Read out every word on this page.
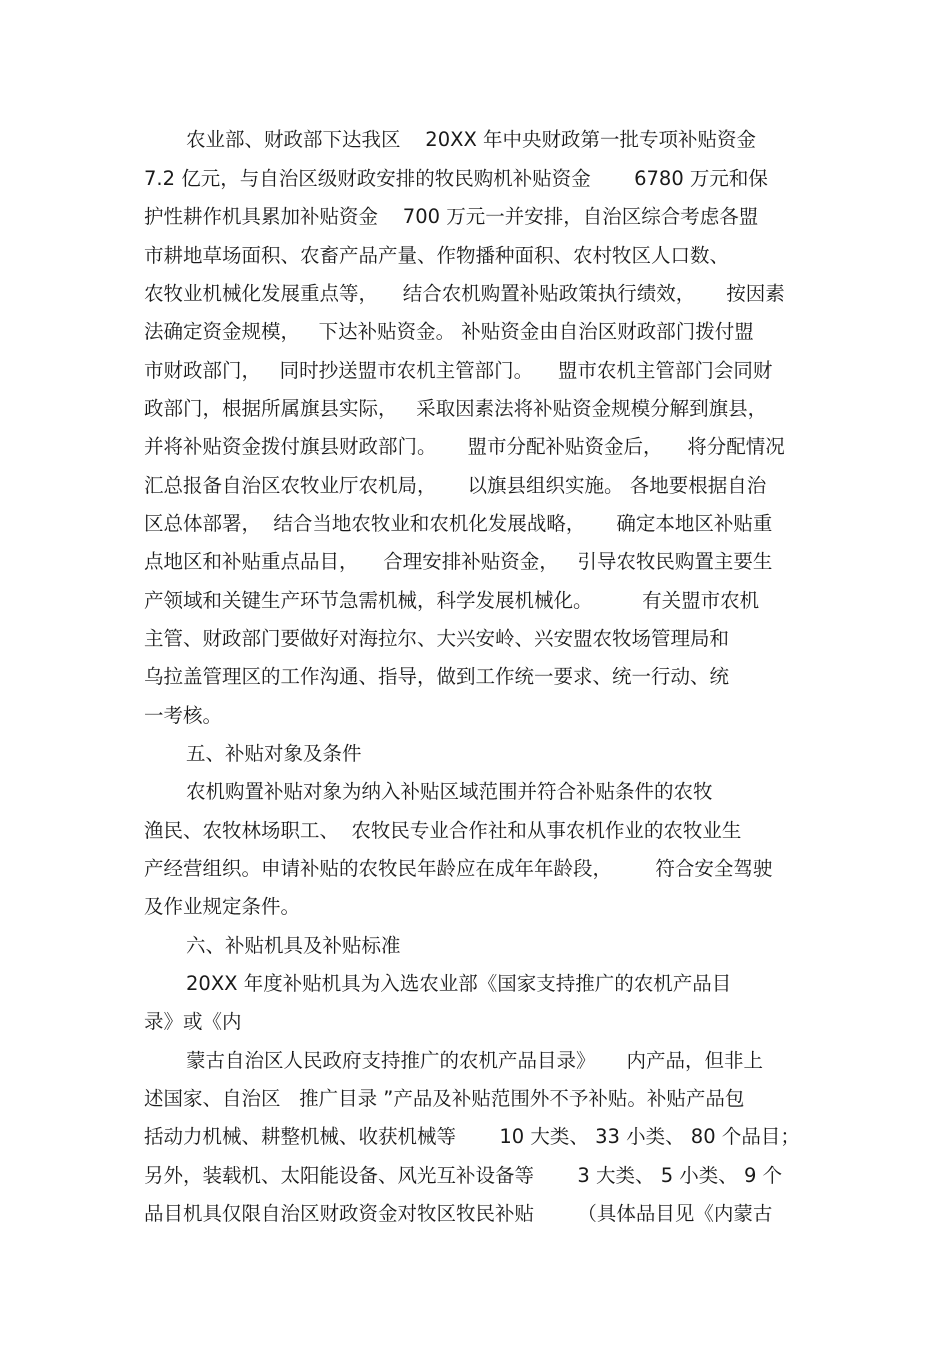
农业部、财政部下达我区    20XX 年中央财政第一批专项补贴资金

7.2 亿元，与自治区级财政安排的牧民购机补贴资金       6780 万元和保

护性耕作机具累加补贴资金    700 万元一并安排，自治区综合考虑各盟

市耕地草场面积、农畜产品产量、作物播种面积、农村牧区人口数、

农牧业机械化发展重点等，    结合农机购置补贴政策执行绩效，     按因素

法确定资金规模，   下达补贴资金。 补贴资金由自治区财政部门拨付盟

市财政部门，   同时抄送盟市农机主管部门。    盟市农机主管部门会同财

政部门，根据所属旗县实际，   采取因素法将补贴资金规模分解到旗县，

并将补贴资金拨付旗县财政部门。     盟市分配补贴资金后，    将分配情况

汇总报备自治区农牧业厅农机局，     以旗县组织实施。 各地要根据自治

区总体部署，  结合当地农牧业和农机化发展战略，     确定本地区补贴重

点地区和补贴重点品目，    合理安排补贴资金，   引导农牧民购置主要生

产领域和关键生产环节急需机械，科学发展机械化。        有关盟市农机

主管、财政部门要做好对海拉尔、大兴安岭、兴安盟农牧场管理局和

乌拉盖管理区的工作沟通、指导，做到工作统一要求、统一行动、统

一考核。

五、补贴对象及条件

农机购置补贴对象为纳入补贴区域范围并符合补贴条件的农牧

渔民、农牧林场职工、  农牧民专业合作社和从事农机作业的农牧业生

产经营组织。申请补贴的农牧民年龄应在成年年龄段，       符合安全驾驶

及作业规定条件。

六、补贴机具及补贴标准

20XX 年度补贴机具为入选农业部《国家支持推广的农机产品目

录》或《内

蒙古自治区人民政府支持推广的农机产品目录》     内产品，但非上

述国家、自治区   推广目录 ”产品及补贴范围外不予补贴。补贴产品包

括动力机械、耕整机械、收获机械等       10 大类、 33 小类、 80 个品目；

另外，装载机、太阳能设备、风光互补设备等       3 大类、 5 小类、 9 个

品目机具仅限自治区财政资金对牧区牧民补贴       （具体品目见《内蒙古
